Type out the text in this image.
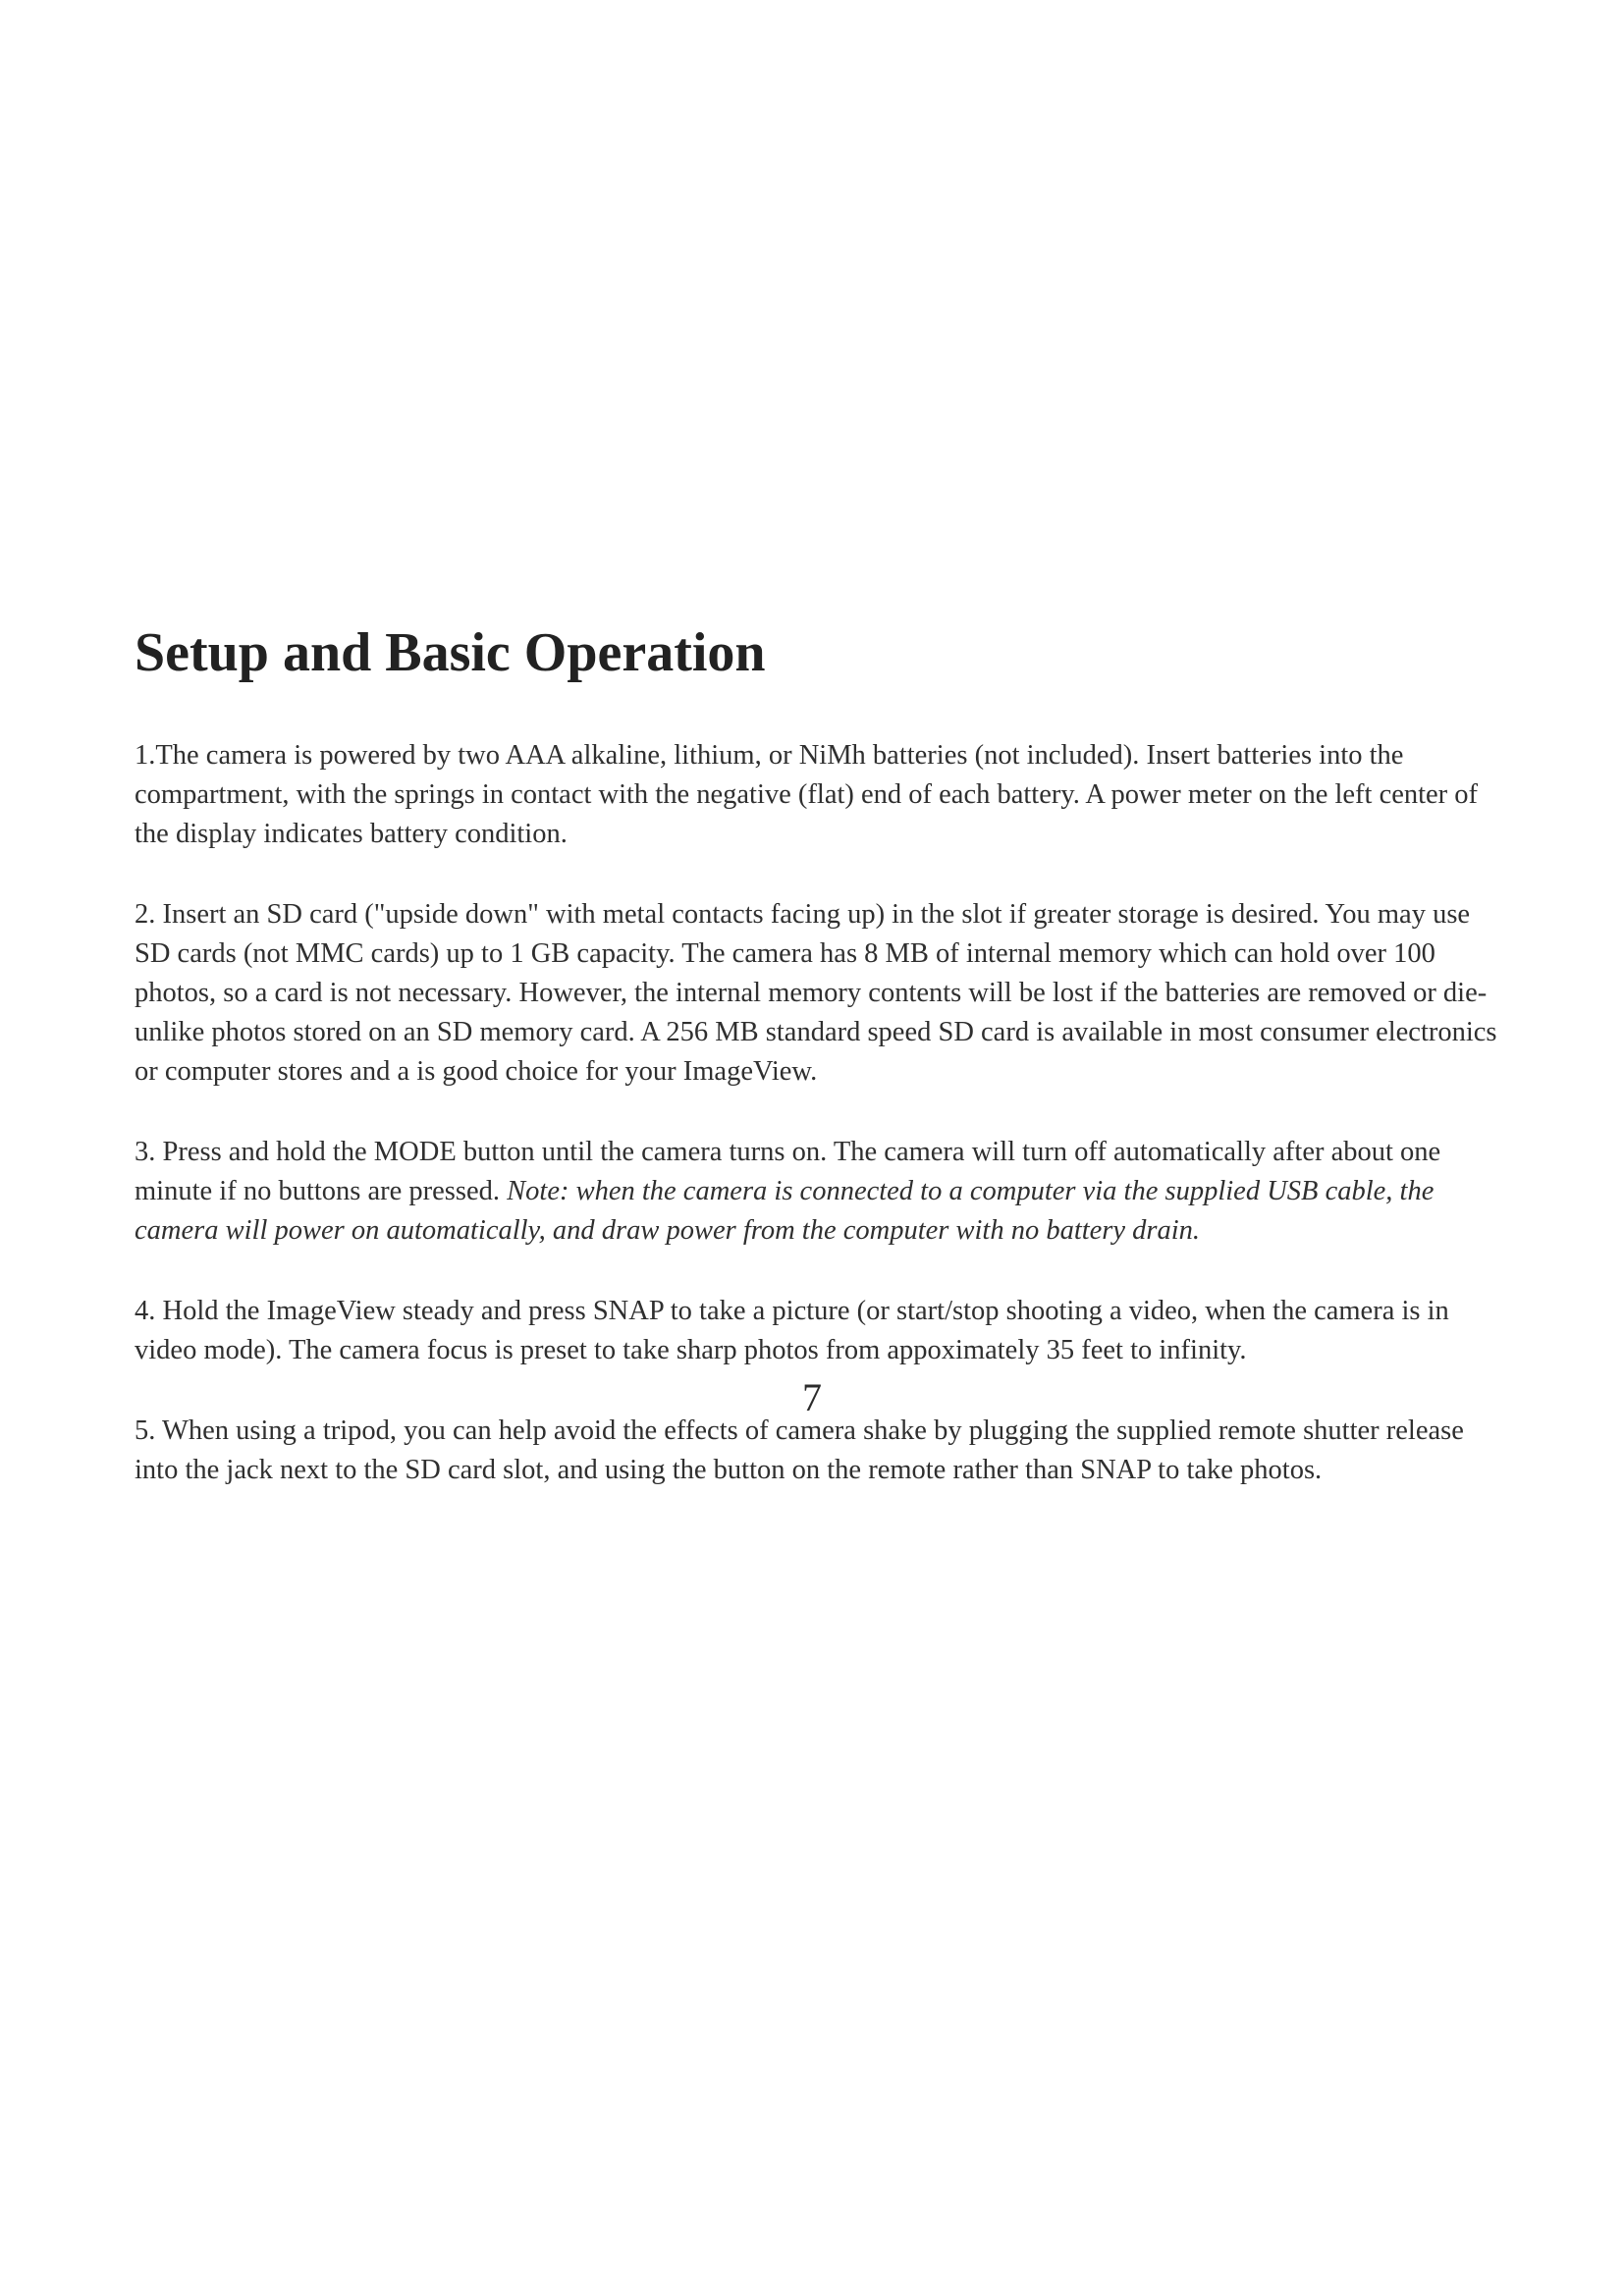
Setup and Basic Operation

1.The camera is powered by two AAA alkaline, lithium, or NiMh batteries (not included). Insert batteries into the compartment, with the springs in contact with the negative (flat) end of each battery. A power meter on the left center of the display indicates battery condition.

2. Insert an SD card ("upside down" with metal contacts facing up) in the slot if greater storage is desired. You may use SD cards (not MMC cards) up to 1 GB capacity. The camera has 8 MB of internal memory which can hold over 100 photos, so a card is not necessary. However, the internal memory contents will be lost if the batteries are removed or die-unlike photos stored on an SD memory card. A 256 MB standard speed SD card is available in most consumer electronics or computer stores and a is good choice for your ImageView.

3. Press and hold the MODE button until the camera turns on. The camera will turn off automatically after about one minute if no buttons are pressed. Note: when the camera is connected to a computer via the supplied USB cable, the camera will power on automatically, and draw power from the computer with no battery drain.

4. Hold the ImageView steady and press SNAP to take a picture (or start/stop shooting a video, when the camera is in video mode). The camera focus is preset to take sharp photos from appoximately 35 feet to infinity.

5. When using a tripod, you can help avoid the effects of camera shake by plugging the supplied remote shutter release into the jack next to the SD card slot, and using the button on the remote rather than SNAP to take photos.

7
